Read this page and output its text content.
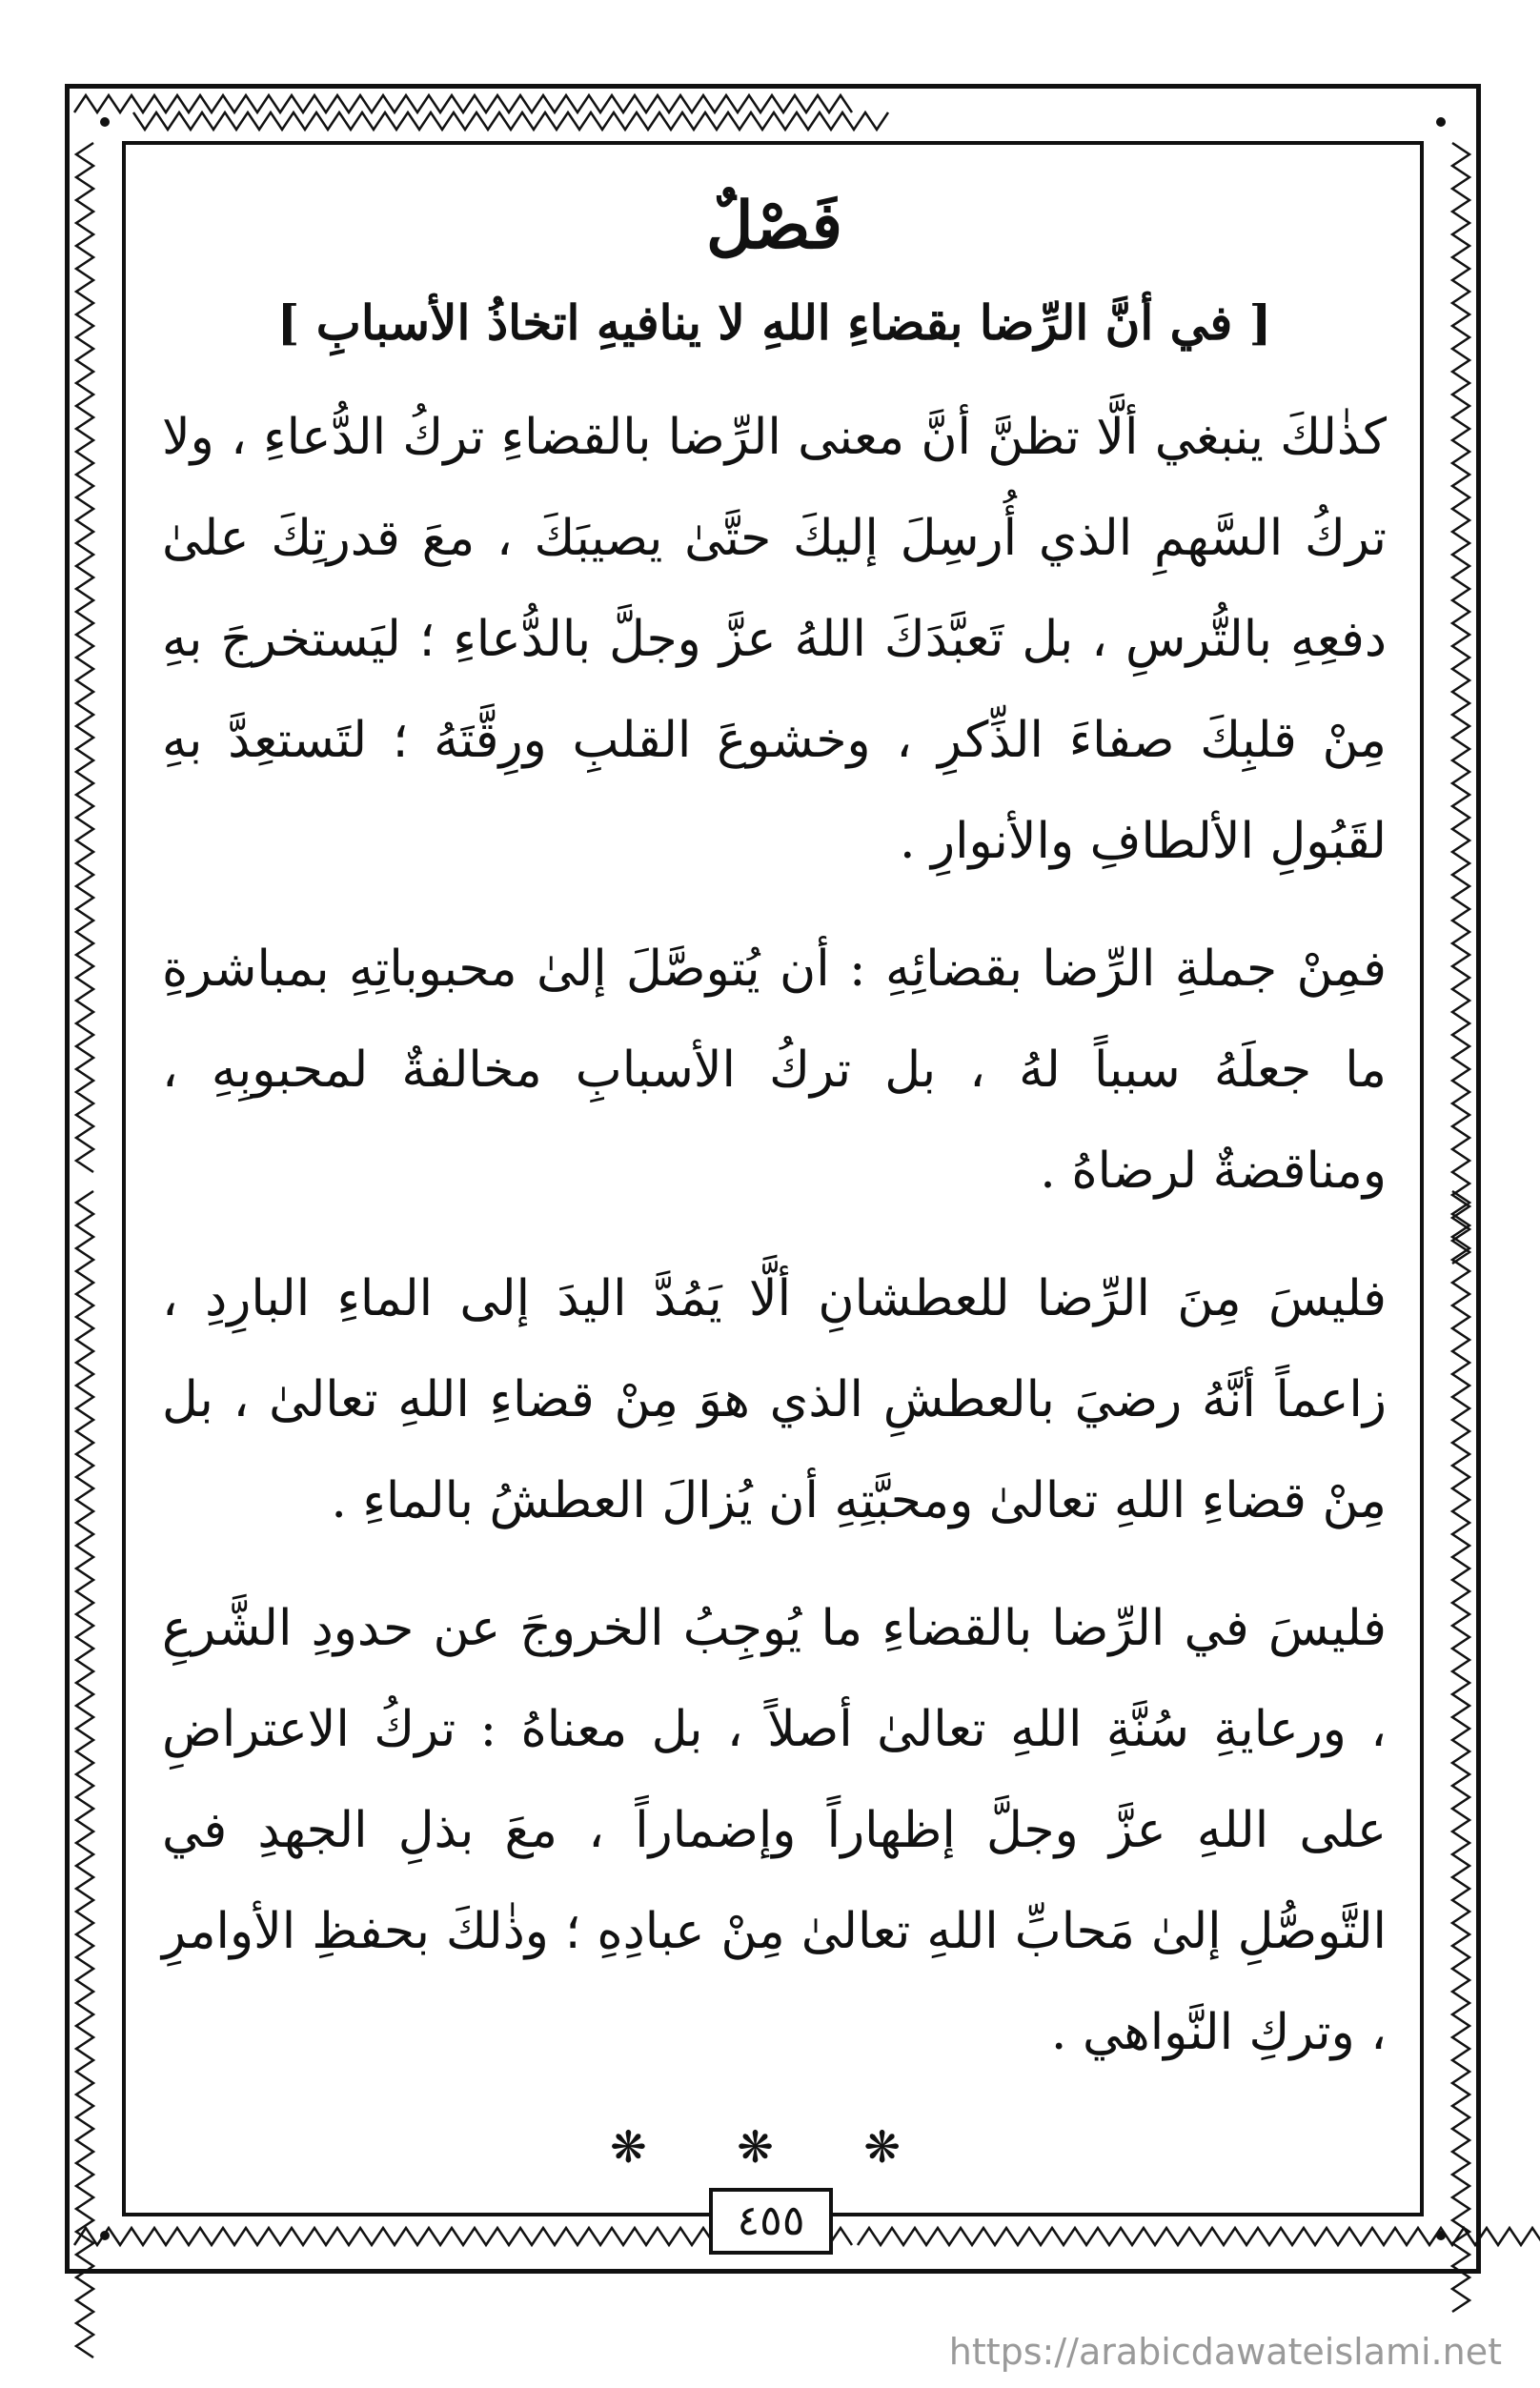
فَصْلٌ
[ في أنَّ الرِّضا بقضاءِ اللهِ لا ينافيهِ اتخاذُ الأسبابِ ]

كذٰلكَ ينبغي ألَّا تظنَّ أنَّ معنى الرِّضا بالقضاءِ تركُ الدُّعاءِ ، ولا تركُ السَّهمِ الذي أُرسِلَ إليكَ حتَّىٰ يصيبَكَ ، معَ قدرتِكَ علىٰ دفعِهِ بالتُّرسِ ، بل تَعبَّدَكَ اللهُ عزَّ وجلَّ بالدُّعاءِ ؛ ليَستخرجَ بهِ مِنْ قلبِكَ صفاءَ الذِّكرِ ، وخشوعَ القلبِ ورِقَّتَهُ ؛ لتَستعِدَّ بهِ لقَبُولِ الألطافِ والأنوارِ .

فمِنْ جملةِ الرِّضا بقضائِهِ : أن يُتوصَّلَ إلىٰ محبوباتِهِ بمباشرةِ ما جعلَهُ سبباً لهُ ، بل تركُ الأسبابِ مخالفةٌ لمحبوبِهِ ، ومناقضةٌ لرضاهُ .

فليسَ مِنَ الرِّضا للعطشانِ ألَّا يَمُدَّ اليدَ إلى الماءِ البارِدِ ، زاعماً أنَّهُ رضيَ بالعطشِ الذي هوَ مِنْ قضاءِ اللهِ تعالىٰ ، بل مِنْ قضاءِ اللهِ تعالىٰ ومحبَّتِهِ أن يُزالَ العطشُ بالماءِ .

فليسَ في الرِّضا بالقضاءِ ما يُوجِبُ الخروجَ عن حدودِ الشَّرعِ ، ورعايةِ سُنَّةِ اللهِ تعالىٰ أصلاً ، بل معناهُ : تركُ الاعتراضِ على اللهِ عزَّ وجلَّ إظهاراً وإضماراً ، معَ بذلِ الجهدِ في التَّوصُّلِ إلىٰ مَحابِّ اللهِ تعالىٰ مِنْ عبادِهِ ؛ وذٰلكَ بحفظِ الأوامرِ ، وتركِ النَّواهي .

❋ ❋ ❋
٤٥٥
https://arabicdawateislami.net
